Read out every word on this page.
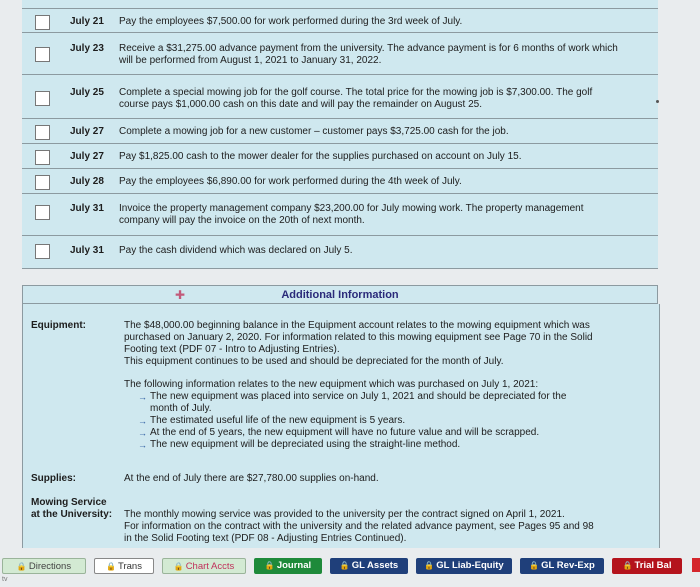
July 21 Pay the employees $7,500.00 for work performed during the 3rd week of July.
July 23 Receive a $31,275.00 advance payment from the university. The advance payment is for 6 months of work which will be performed from August 1, 2021 to January 31, 2022.
July 25 Complete a special mowing job for the golf course. The total price for the mowing job is $7,300.00. The golf course pays $1,000.00 cash on this date and will pay the remainder on August 25.
July 27 Complete a mowing job for a new customer – customer pays $3,725.00 cash for the job.
July 27 Pay $1,825.00 cash to the mower dealer for the supplies purchased on account on July 15.
July 28 Pay the employees $6,890.00 for work performed during the 4th week of July.
July 31 Invoice the property management company $23,200.00 for July mowing work. The property management company will pay the invoice on the 20th of next month.
July 31 Pay the cash dividend which was declared on July 5.
✚	Additional Information
Equipment:	The $48,000.00 beginning balance in the Equipment account relates to the mowing equipment which was purchased on January 2, 2020. For information related to this mowing equipment see Page 70 in the Solid Footing text (PDF 07 - Intro to Adjusting Entries).
This equipment continues to be used and should be depreciated for the month of July.
The following information relates to the new equipment which was purchased on July 1, 2021:
→ The new equipment was placed into service on July 1, 2021 and should be depreciated for the month of July.
→ The estimated useful life of the new equipment is 5 years.
→ At the end of 5 years, the new equipment will have no future value and will be scrapped.
→ The new equipment will be depreciated using the straight-line method.
Supplies:	At the end of July there are $27,780.00 supplies on-hand.
Mowing Service
at the University: The monthly mowing service was provided to the university per the contract signed on April 1, 2021.
For information on the contract with the university and the related advance payment, see Pages 95 and 98 in the Solid Footing text (PDF 08 - Adjusting Entries Continued).
🔒 Directions	🔒 Trans	🔒 Chart Accts	🔒 Journal	🔒 GL Assets	🔒 GL Liab-Equity	🔒 GL Rev-Exp	🔒 Trial Bal
tv
